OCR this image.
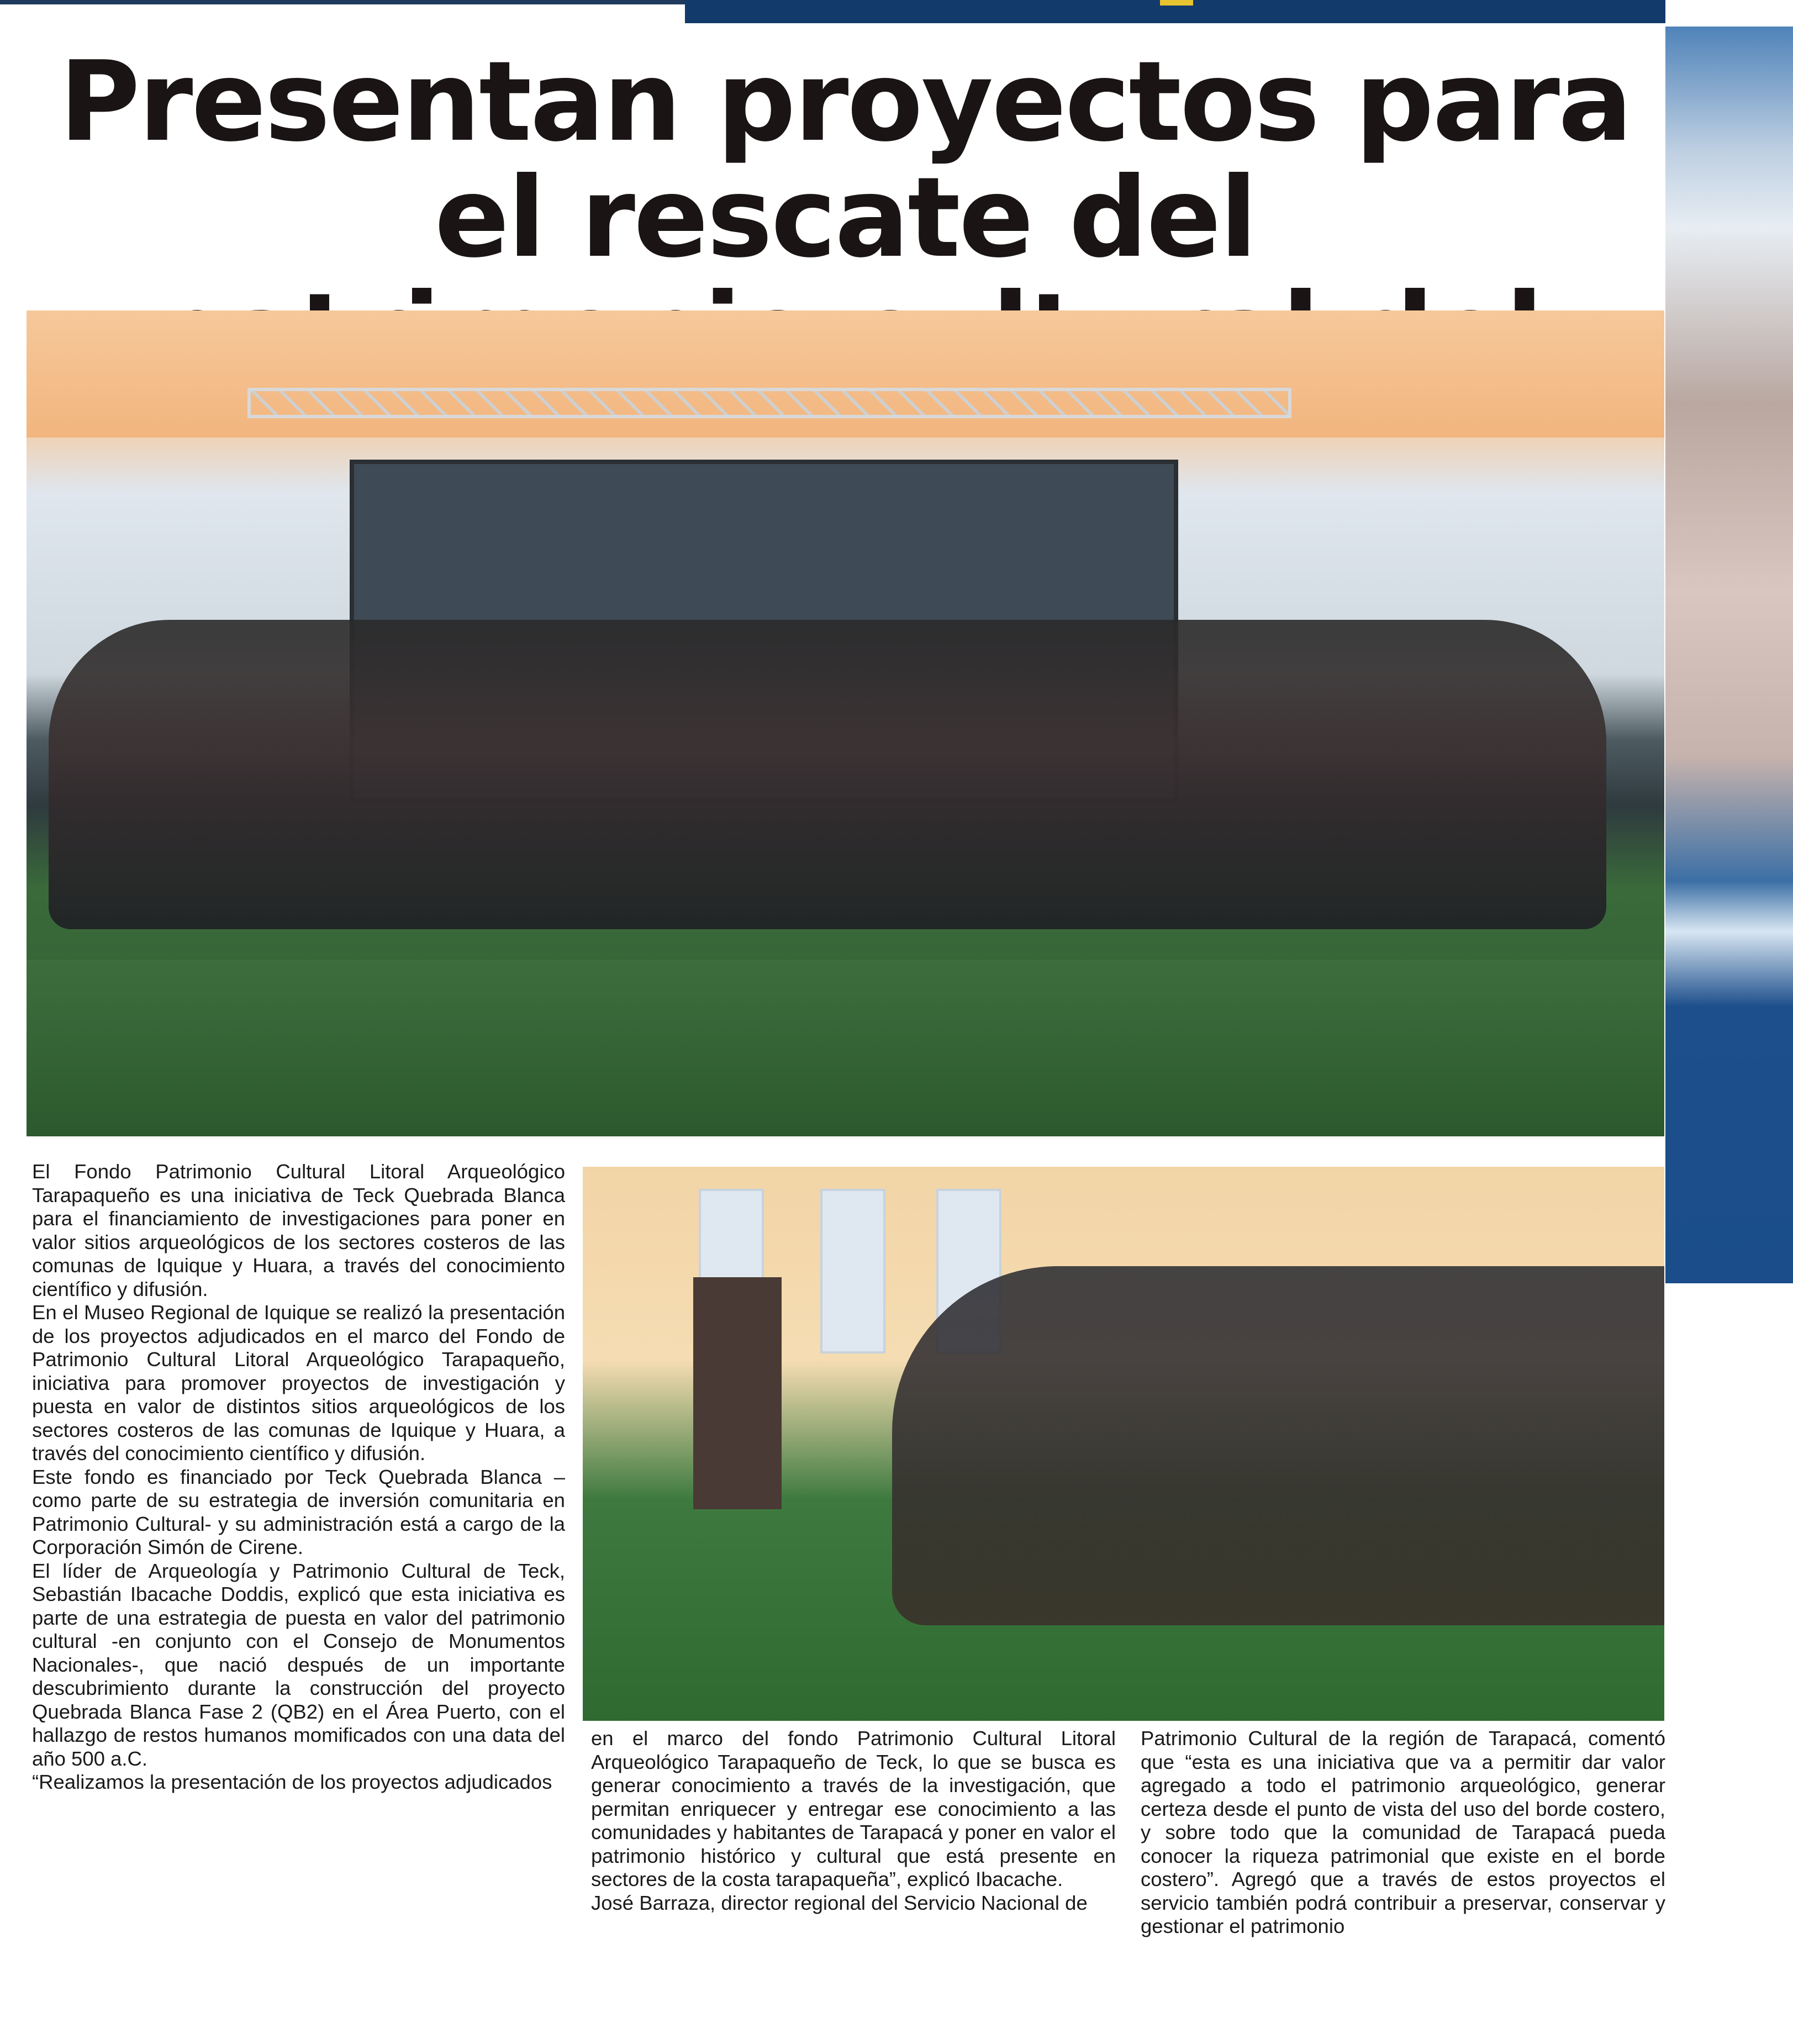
Presentan proyectos para el rescate del

El Fondo Patrimonio Cultural Litoral Arqueológico Tarapaqueño es una iniciativa de Teck Quebrada Blanca para el financiamiento de investigaciones para poner en valor sitios arqueológicos de los sectores costeros de las comunas de Iquique y Huara, a través del conocimiento científico y difusión.

En el Museo Regional de Iquique se realizó la presentación de los proyectos adjudicados en el marco del Fondo de Patrimonio Cultural Litoral Arqueológico Tarapaqueño, iniciativa para promover proyectos de investigación y puesta en valor de distintos sitios arqueológicos de los sectores costeros de las comunas de Iquique y Huara, a través del conocimiento científico y difusión.

Este fondo es financiado por Teck Quebrada Blanca – como parte de su estrategia de inversión comunitaria en Patrimonio Cultural- y su administración está a cargo de la Corporación Simón de Cirene.

El líder de Arqueología y Patrimonio Cultural de Teck, Sebastián Ibacache Doddis, explicó que esta iniciativa es parte de una estrategia de puesta en valor del patrimonio cultural -en conjunto con el Consejo de Monumentos Nacionales-, que nació después de un importante descubrimiento durante la construcción del proyecto Quebrada Blanca Fase 2 (QB2) en el Área Puerto, con el hallazgo de restos humanos momificados con una data del año 500 a.C.

“Realizamos la presentación de los proyectos adjudicados

en el marco del fondo Patrimonio Cultural Litoral Arqueológico Tarapaqueño de Teck, lo que se busca es generar conocimiento a través de la investigación, que permitan enriquecer y entregar ese conocimiento a las comunidades y habitantes de Tarapacá y poner en valor el patrimonio histórico y cultural que está presente en sectores de la costa tarapaqueña”, explicó Ibacache.

José Barraza, director regional del Servicio Nacional de

Patrimonio Cultural de la región de Tarapacá, comentó que “esta es una iniciativa que va a permitir dar valor agregado a todo el patrimonio arqueológico, generar certeza desde el punto de vista del uso del borde costero, y sobre todo que la comunidad de Tarapacá pueda conocer la riqueza patrimonial que existe en el borde costero”. Agregó que a través de estos proyectos el servicio también podrá contribuir a preservar, conservar y gestionar el patrimonio
